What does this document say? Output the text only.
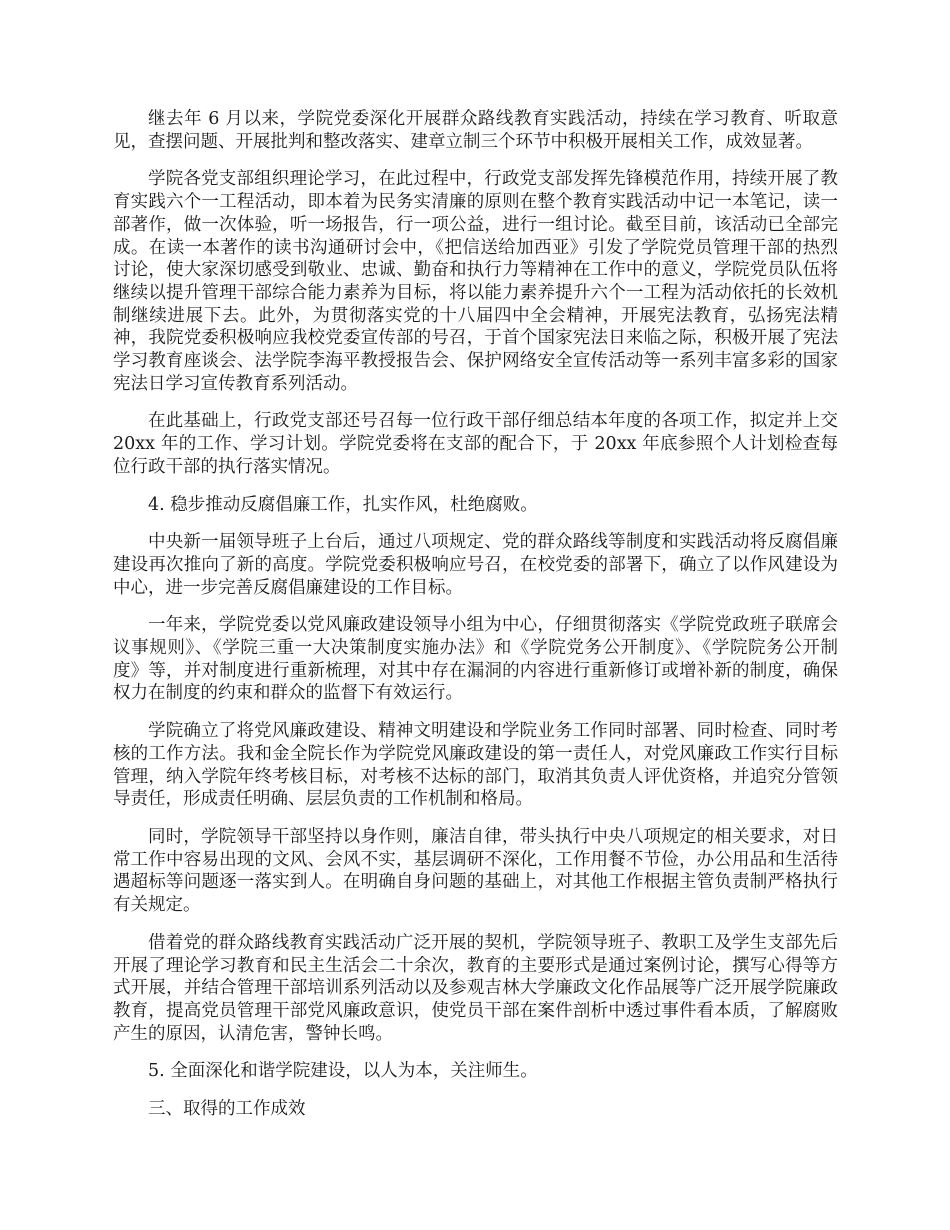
继去年 6 月以来，学院党委深化开展群众路线教育实践活动，持续在学习教育、听取意见，查摆问题、开展批判和整改落实、建章立制三个环节中积极开展相关工作，成效显著。

学院各党支部组织理论学习，在此过程中，行政党支部发挥先锋模范作用，持续开展了教育实践六个一工程活动，即本着为民务实清廉的原则在整个教育实践活动中记一本笔记，读一部著作，做一次体验，听一场报告，行一项公益，进行一组讨论。截至目前，该活动已全部完成。在读一本著作的读书沟通研讨会中，《把信送给加西亚》引发了学院党员管理干部的热烈讨论，使大家深切感受到敬业、忠诚、勤奋和执行力等精神在工作中的意义，学院党员队伍将继续以提升管理干部综合能力素养为目标，将以能力素养提升六个一工程为活动依托的长效机制继续进展下去。此外，为贯彻落实党的十八届四中全会精神，开展宪法教育，弘扬宪法精神，我院党委积极响应我校党委宣传部的号召，于首个国家宪法日来临之际，积极开展了宪法学习教育座谈会、法学院李海平教授报告会、保护网络安全宣传活动等一系列丰富多彩的国家宪法日学习宣传教育系列活动。

在此基础上，行政党支部还号召每一位行政干部仔细总结本年度的各项工作，拟定并上交 20xx 年的工作、学习计划。学院党委将在支部的配合下，于 20xx 年底参照个人计划检查每位行政干部的执行落实情况。

4. 稳步推动反腐倡廉工作，扎实作风，杜绝腐败。

中央新一届领导班子上台后，通过八项规定、党的群众路线等制度和实践活动将反腐倡廉建设再次推向了新的高度。学院党委积极响应号召，在校党委的部署下，确立了以作风建设为中心，进一步完善反腐倡廉建设的工作目标。

一年来，学院党委以党风廉政建设领导小组为中心，仔细贯彻落实《学院党政班子联席会议事规则》、《学院三重一大决策制度实施办法》和《学院党务公开制度》、《学院院务公开制度》等，并对制度进行重新梳理，对其中存在漏洞的内容进行重新修订或增补新的制度，确保权力在制度的约束和群众的监督下有效运行。

学院确立了将党风廉政建设、精神文明建设和学院业务工作同时部署、同时检查、同时考核的工作方法。我和金全院长作为学院党风廉政建设的第一责任人，对党风廉政工作实行目标管理，纳入学院年终考核目标，对考核不达标的部门，取消其负责人评优资格，并追究分管领导责任，形成责任明确、层层负责的工作机制和格局。

同时，学院领导干部坚持以身作则，廉洁自律，带头执行中央八项规定的相关要求，对日常工作中容易出现的文风、会风不实，基层调研不深化，工作用餐不节俭，办公用品和生活待遇超标等问题逐一落实到人。在明确自身问题的基础上，对其他工作根据主管负责制严格执行有关规定。

借着党的群众路线教育实践活动广泛开展的契机，学院领导班子、教职工及学生支部先后开展了理论学习教育和民主生活会二十余次，教育的主要形式是通过案例讨论，撰写心得等方式开展，并结合管理干部培训系列活动以及参观吉林大学廉政文化作品展等广泛开展学院廉政教育，提高党员管理干部党风廉政意识，使党员干部在案件剖析中透过事件看本质，了解腐败产生的原因，认清危害，警钟长鸣。

5. 全面深化和谐学院建设，以人为本，关注师生。

三、取得的工作成效
